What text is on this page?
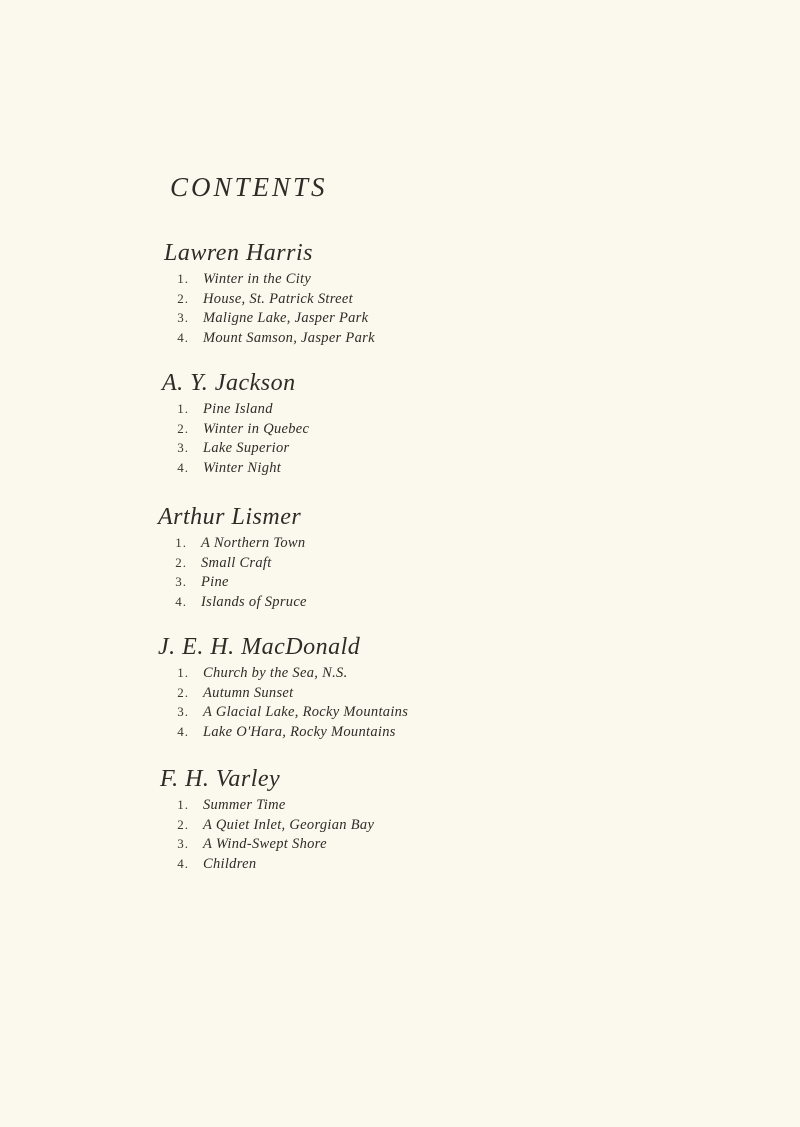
CONTENTS
Lawren Harris
1. Winter in the City
2. House, St. Patrick Street
3. Maligne Lake, Jasper Park
4. Mount Samson, Jasper Park
A. Y. Jackson
1. Pine Island
2. Winter in Quebec
3. Lake Superior
4. Winter Night
Arthur Lismer
1. A Northern Town
2. Small Craft
3. Pine
4. Islands of Spruce
J. E. H. MacDonald
1. Church by the Sea, N.S.
2. Autumn Sunset
3. A Glacial Lake, Rocky Mountains
4. Lake O'Hara, Rocky Mountains
F. H. Varley
1. Summer Time
2. A Quiet Inlet, Georgian Bay
3. A Wind-Swept Shore
4. Children
